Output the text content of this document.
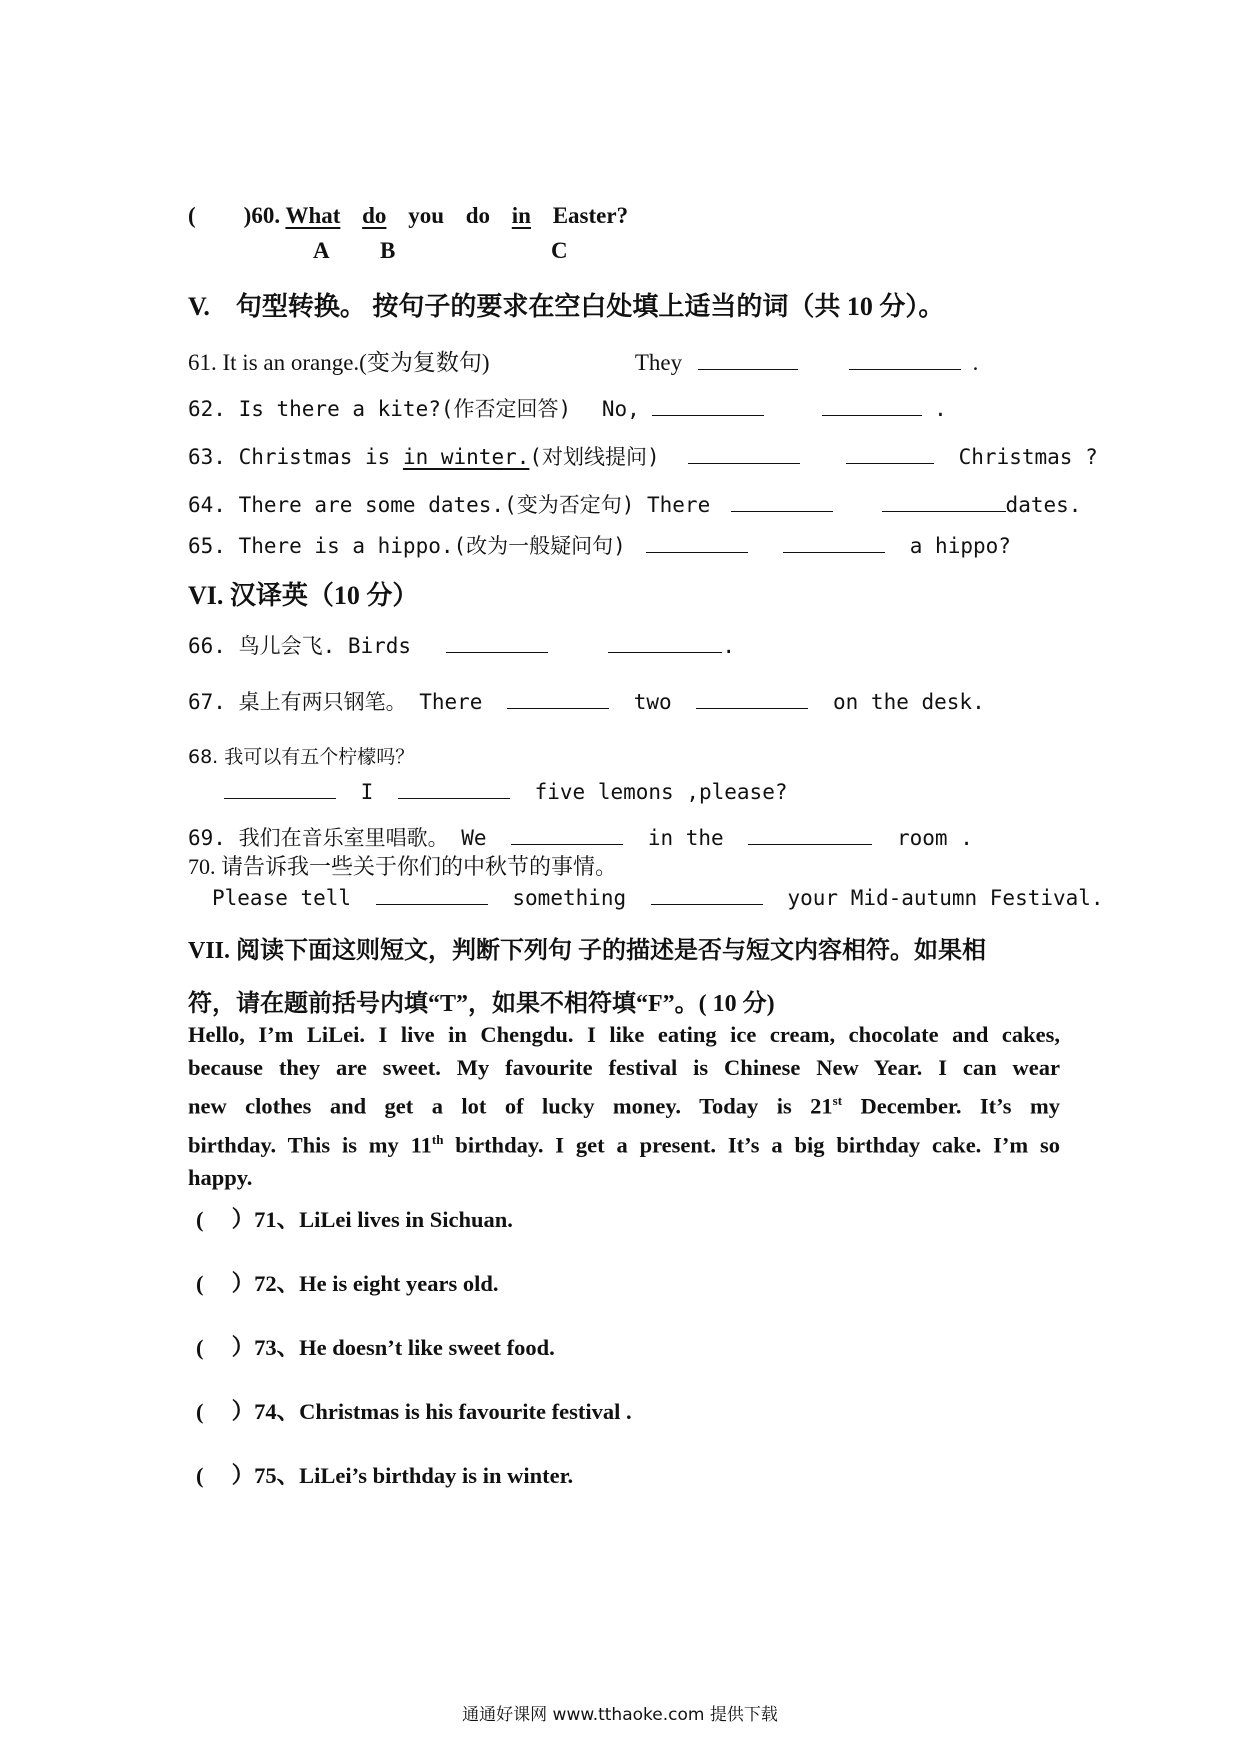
( )60. What do you do in Easter?
A B	C
V.　句型转换。 按句子的要求在空白处填上适当的词（共 10 分）。
61. It is an orange.(变为复数句)	They	.
62. Is there a kite?(作否定回答) No,	.
63. Christmas is in winter.(对划线提问)	Christmas ?
64. There are some dates.(变为否定句) There	dates.
65. There is a hippo.(改为一般疑问句)	a hippo?
VI. 汉译英（10 分）
66. 鸟儿会飞. Birds	.
67. 桌上有两只钢笔。 There	two	on the desk.
68. 我可以有五个柠檬吗？
I	five lemons ,please?
69. 我们在音乐室里唱歌。 We	in the	room .
70. 请告诉我一些关于你们的中秋节的事情。
Please tell	something	your Mid-autumn Festival.
VII. 阅读下面这则短文，判断下列句 子的描述是否与短文内容相符。如果相
符，请在题前括号内填“T”，如果不相符填“F”。( 10 分)
Hello, I’m LiLei. I live in Chengdu. I like eating ice cream, chocolate and cakes,
because they are sweet. My favourite festival is Chinese New Year. I can wear
new clothes and get a lot of lucky money. Today is 21st December. It’s my
birthday. This is my 11th birthday. I get a present. It’s a big birthday cake. I’m so
happy.
(　 ）71、LiLei lives in Sichuan.
(　 ）72、He is eight years old.
(　 ）73、He doesn’t like sweet food.
(　 ）74、Christmas is his favourite festival .
(　 ）75、LiLei’s birthday is in winter.
通通好课网 www.tthaoke.com 提供下载
